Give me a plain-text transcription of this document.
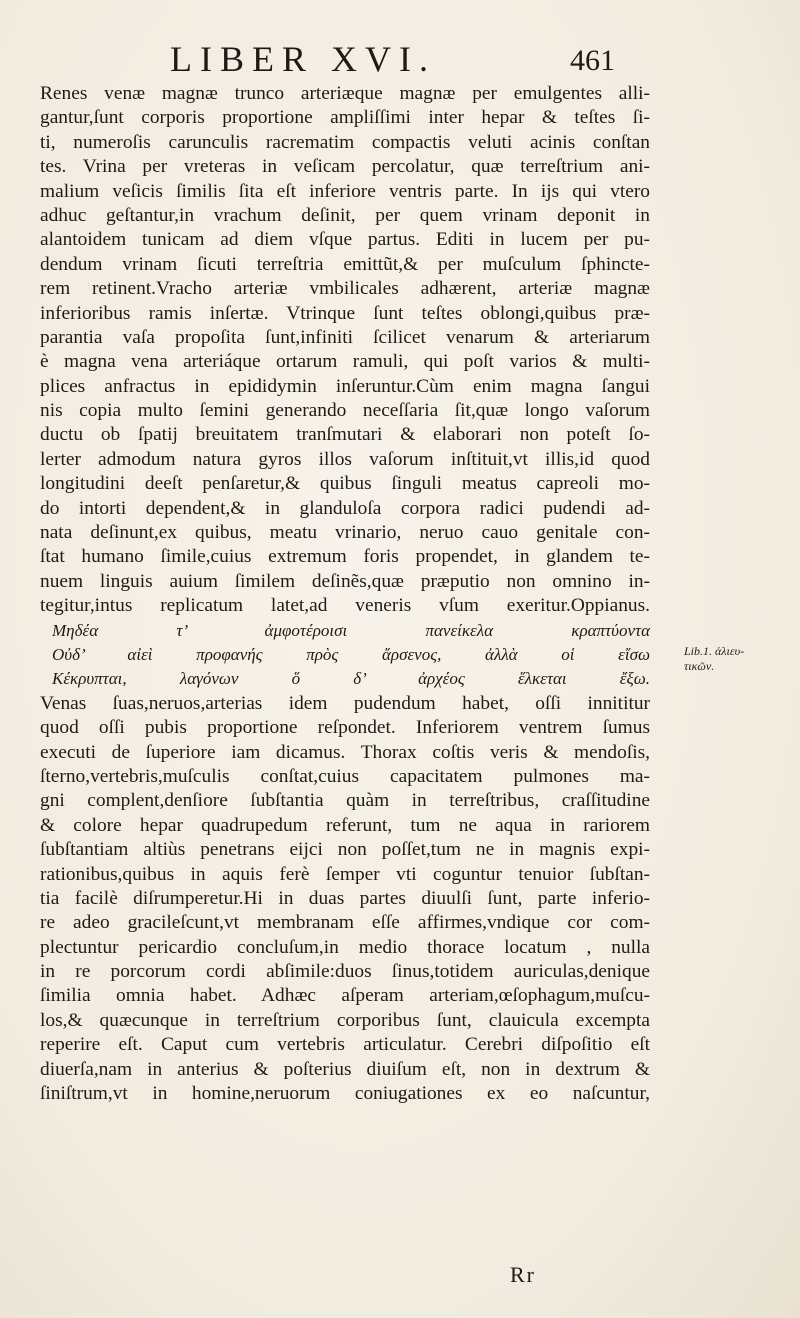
LIBER XVI.	461
Renes venæ magnæ trunco arteriæque magnæ per emulgentes alli-
gantur,ſunt corporis proportione ampliſſimi inter hepar & teſtes ſi-
ti, numeroſis carunculis racrematim compactis veluti acinis conſtan
tes. Vrina per vreteras in veſicam percolatur, quæ terreſtrium ani-
malium veſicis ſimilis ſita eſt inferiore ventris parte. In ijs qui vtero
adhuc geſtantur,in vrachum deſinit, per quem vrinam deponit in
alantoidem tunicam ad diem vſque partus. Editi in lucem per pu-
dendum vrinam ſicuti terreſtria emittũt,& per muſculum ſphincte-
rem retinent.Vracho arteriæ vmbilicales adhærent, arteriæ magnæ
inferioribus ramis inſertæ. Vtrinque ſunt teſtes oblongi,quibus præ-
parantia vaſa propoſita ſunt,infiniti ſcilicet venarum & arteriarum
è magna vena arteriáque ortarum ramuli, qui poſt varios & multi-
plices anfractus in epididymin inſeruntur.Cùm enim magna ſangui
nis copia multo ſemini generando neceſſaria ſit,quæ longo vaſorum
ductu ob ſpatij breuitatem tranſmutari & elaborari non poteſt ſo-
lerter admodum natura gyros illos vaſorum inſtituit,vt illis,id quod
longitudini deeſt penſaretur,& quibus ſinguli meatus capreoli mo-
do intorti dependent,& in glanduloſa corpora radici pudendi ad-
nata deſinunt,ex quibus, meatu vrinario, neruo cauo genitale con-
ſtat humano ſimile,cuius extremum foris propendet, in glandem te-
nuem linguis auium ſimilem deſinẽs,quæ præputio non omnino in-
tegitur,intus replicatum latet,ad veneris vſum exeritur.Oppianus.
Μηδέα τ’ ἀμφοτέροισι πανείκελα κραπτύοντα
Οὐδ’ αἰεὶ προφανής πρὸς ἄρσενος, ἀλλὰ οἱ εἴσω
Κέκρυπται, λαγόνων ὅ δ’ ἀρχέος ἕλκεται ἔξω.
Venas ſuas,neruos,arterias idem pudendum habet, oſſi innititur
quod oſſi pubis proportione reſpondet. Inferiorem ventrem ſumus
executi de ſuperiore iam dicamus. Thorax coſtis veris & mendoſis,
ſterno,vertebris,muſculis conſtat,cuius capacitatem pulmones ma-
gni complent,denſiore ſubſtantia quàm in terreſtribus, craſſitudine
& colore hepar quadrupedum referunt, tum ne aqua in rariorem
ſubſtantiam altiùs penetrans eijci non poſſet,tum ne in magnis expi-
rationibus,quibus in aquis ferè ſemper vti coguntur tenuior ſubſtan-
tia facilè diſrumperetur.Hi in duas partes diuulſi ſunt, parte inferio-
re adeo gracileſcunt,vt membranam eſſe affirmes,vndique cor com-
plectuntur pericardio concluſum,in medio thorace locatum , nulla
in re porcorum cordi abſimile:duos ſinus,totidem auriculas,denique
ſimilia omnia habet. Adhæc aſperam arteriam,œſophagum,muſcu-
los,& quæcunque in terreſtrium corporibus ſunt, clauicula excempta
reperire eſt. Caput cum vertebris articulatur. Cerebri diſpoſitio eſt
diuerſa,nam in anterius & poſterius diuiſum eſt, non in dextrum &
ſiniſtrum,vt in homine,neruorum coniugationes ex eo naſcuntur,
Lib.1. ἁλιευ-τικῶν.
Rr
